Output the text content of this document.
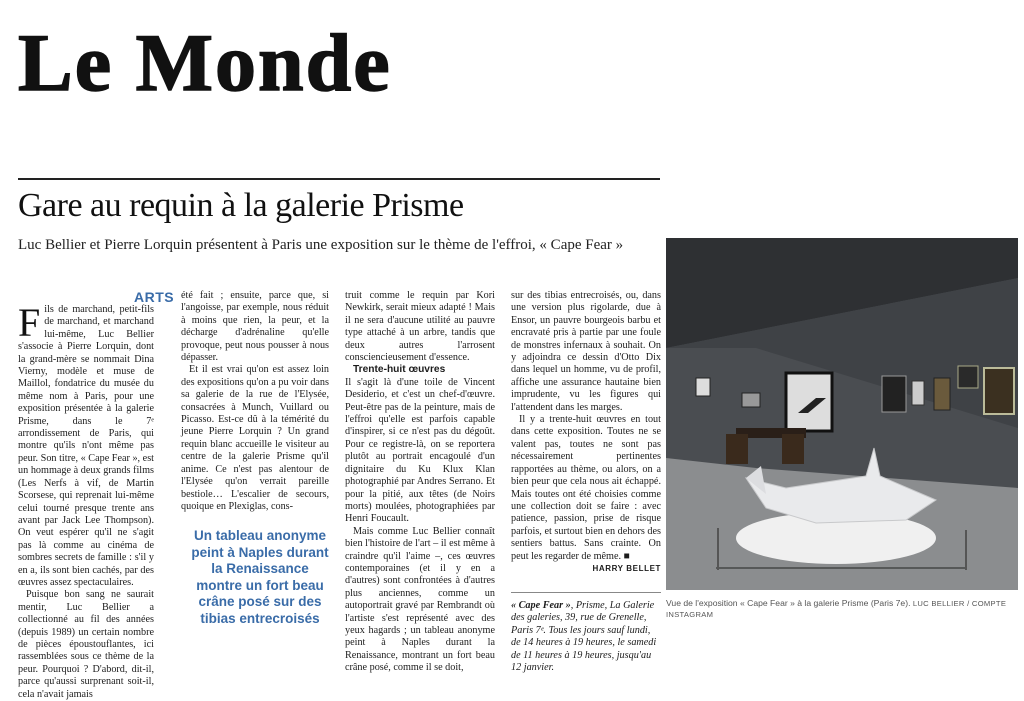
Le Monde
Gare au requin à la galerie Prisme

Luc Bellier et Pierre Lorquin présentent à Paris une exposition sur le thème de l'effroi, « Cape Fear »

ARTS

Fils de marchand, petit-fils de marchand, et marchand lui-même, Luc Bellier s'associe à Pierre Lorquin, dont la grand-mère se nommait Dina Vierny, modèle et muse de Maillol, fondatrice du musée du même nom à Paris, pour une exposition présentée à la galerie Prisme, dans le 7ᵉ arrondissement de Paris, qui montre qu'ils n'ont même pas peur. Son titre, « Cape Fear », est un hommage à deux grands films (Les Nerfs à vif, de Martin Scorsese, qui reprenait lui-même celui tourné presque trente ans avant par Jack Lee Thompson). On veut espérer qu'il ne s'agit pas là comme au cinéma de sombres secrets de famille : s'il y en a, ils sont bien cachés, par des œuvres assez spectaculaires.

Puisque bon sang ne saurait mentir, Luc Bellier a collectionné au fil des années (depuis 1989) un certain nombre de pièces époustouflantes, ici rassemblées sous ce thème de la peur. Pourquoi ? D'abord, dit-il, parce qu'aussi surprenant soit-il, cela n'avait jamais

été fait ; ensuite, parce que, si l'angoisse, par exemple, nous réduit à moins que rien, la peur, et la décharge d'adrénaline qu'elle provoque, peut nous pousser à nous dépasser.

Et il est vrai qu'on est assez loin des expositions qu'on a pu voir dans sa galerie de la rue de l'Elysée, consacrées à Munch, Vuillard ou Picasso. Est-ce dû à la témérité du jeune Pierre Lorquin ? Un grand requin blanc accueille le visiteur au centre de la galerie Prisme qu'il anime. Ce n'est pas alentour de l'Elysée qu'on verrait pareille bestiole… L'escalier de secours, quoique en Plexiglas, cons-

Un tableau anonyme peint à Naples durant la Renaissance montre un fort beau crâne posé sur des tibias entrecroisés

truit comme le requin par Kori Newkirk, serait mieux adapté ! Mais il ne sera d'aucune utilité au pauvre type attaché à un arbre, tandis que deux autres l'arrosent consciencieusement d'essence.

Trente-huit œuvres

Il s'agit là d'une toile de Vincent Desiderio, et c'est un chef-d'œuvre. Peut-être pas de la peinture, mais de l'effroi qu'elle est parfois capable d'inspirer, si ce n'est pas du dégoût. Pour ce registre-là, on se reportera plutôt au portrait encagoulé d'un dignitaire du Ku Klux Klan photographié par Andres Serrano. Et pour la pitié, aux têtes (de Noirs morts) moulées, photographiées par Henri Foucault.

Mais comme Luc Bellier connaît bien l'histoire de l'art – il est même à craindre qu'il l'aime –, ces œuvres contemporaines (et il y en a d'autres) sont confrontées à d'autres plus anciennes, comme un autoportrait gravé par Rembrandt où l'artiste s'est représenté avec des yeux hagards ; un tableau anonyme peint à Naples durant la Renaissance, montrant un fort beau crâne posé, comme il se doit,

sur des tibias entrecroisés, ou, dans une version plus rigolarde, due à Ensor, un pauvre bourgeois barbu et encravaté pris à partie par une foule de monstres infernaux à souhait. On y adjoindra ce dessin d'Otto Dix dans lequel un homme, vu de profil, affiche une assurance hautaine bien imprudente, vu les figures qui l'attendent dans les marges.

Il y a trente-huit œuvres en tout dans cette exposition. Toutes ne se valent pas, toutes ne sont pas nécessairement pertinentes rapportées au thème, ou alors, on a bien peur que cela nous ait échappé. Mais toutes ont été choisies comme une collection doit se faire : avec patience, passion, prise de risque parfois, et surtout bien en dehors des sentiers battus. Sans crainte. On peut les regarder de même. ■

HARRY BELLET

« Cape Fear », Prisme, La Galerie des galeries, 39, rue de Grenelle, Paris 7ᵉ. Tous les jours sauf lundi, de 14 heures à 19 heures, le samedi de 11 heures à 19 heures, jusqu'au 12 janvier.
Vue de l'exposition « Cape Fear » à la galerie Prisme (Paris 7e). LUC BELLIER / COMPTE INSTAGRAM
